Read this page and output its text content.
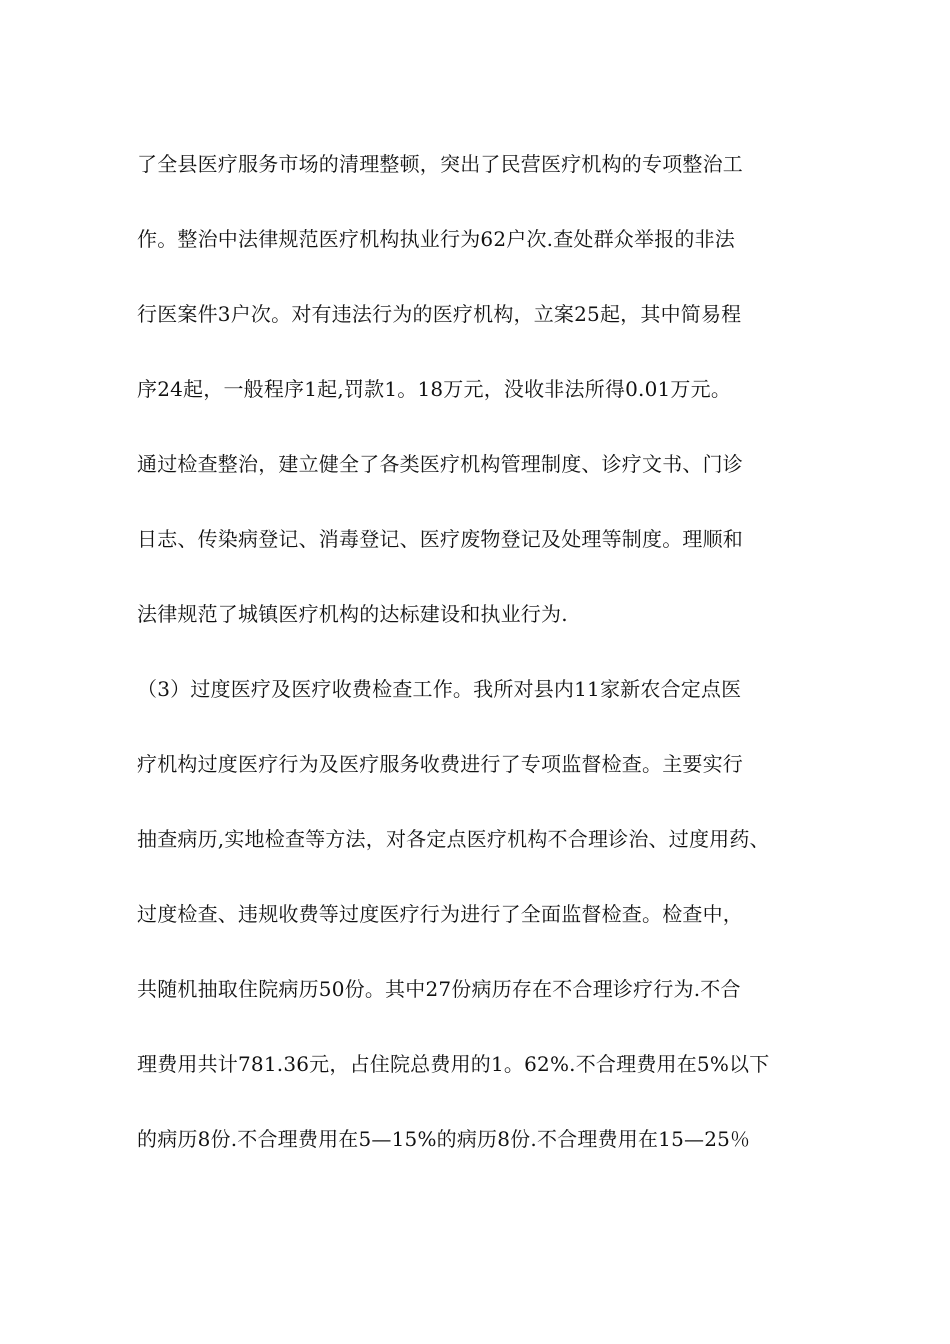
了全县医疗服务市场的清理整顿，突出了民营医疗机构的专项整治工
作。整治中法律规范医疗机构执业行为62户次.查处群众举报的非法
行医案件3户次。对有违法行为的医疗机构，立案25起，其中简易程
序24起，一般程序1起,罚款1。18万元，没收非法所得0.01万元。
通过检查整治，建立健全了各类医疗机构管理制度、诊疗文书、门诊
日志、传染病登记、消毒登记、医疗废物登记及处理等制度。理顺和
法律规范了城镇医疗机构的达标建设和执业行为.
（3）过度医疗及医疗收费检查工作。我所对县内11家新农合定点医
疗机构过度医疗行为及医疗服务收费进行了专项监督检查。主要实行
抽查病历,实地检查等方法，对各定点医疗机构不合理诊治、过度用药、
过度检查、违规收费等过度医疗行为进行了全面监督检查。检查中，
共随机抽取住院病历50份。其中27份病历存在不合理诊疗行为.不合
理费用共计781.36元，占住院总费用的1。62%.不合理费用在5%以下
的病历8份.不合理费用在5—15%的病历8份.不合理费用在15—25％
